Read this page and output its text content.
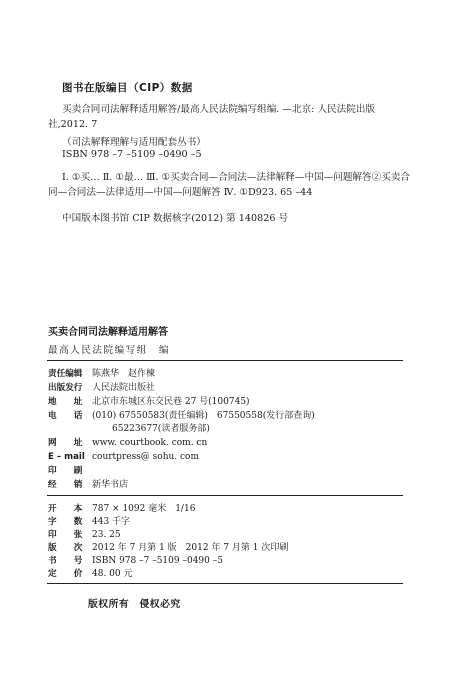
图书在版编目（CIP）数据
买卖合同司法解释适用解答/最高人民法院编写组编. —北京: 人民法院出版社,2012. 7
（司法解释理解与适用配套丛书）
ISBN 978 –7 –5109 –0490 –5
Ⅰ. ①买… Ⅱ. ①最… Ⅲ. ①买卖合同—合同法—法律解释—中国—问题解答②买卖合同—合同法—法律适用—中国—问题解答 Ⅳ. ①D923. 65 –44
中国版本图书馆 CIP 数据核字(2012) 第 140826 号
买卖合同司法解释适用解答
最高人民法院编写组　编
责任编辑 陈燕华　赵作楝
出版发行 人民法院出版社
地　　址 北京市东城区东交民巷 27 号(100745)
电　　话 (010) 67550583(责任编辑)　67550558(发行部查询)
65223677(读者服务部)
网　　址 www. courtbook. com. cn
E – mail courtpress@ sohu. com
印　　刷
经　　销 新华书店
开　　本 787 × 1092 毫米　1/16
字　　数 443 千字
印　　张 23. 25
版　　次 2012 年 7 月第 1 版　2012 年 7 月第 1 次印刷
书　　号 ISBN 978 –7 –5109 –0490 –5
定　　价 48. 00 元
版权所有　侵权必究
